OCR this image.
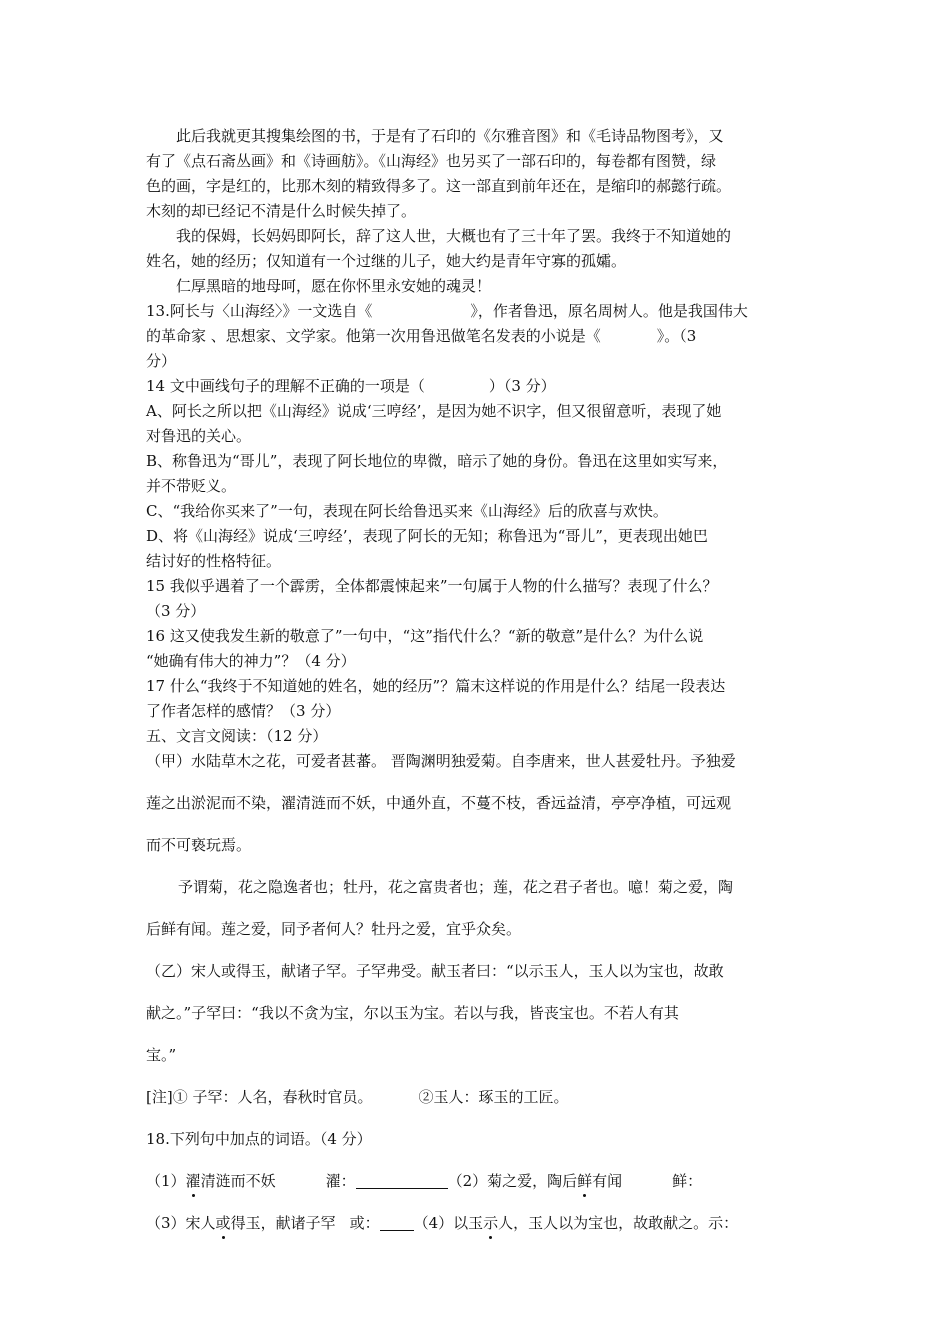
此后我就更其搜集绘图的书，于是有了石印的《尔雅音图》和《毛诗品物图考》，又
有了《点石斋丛画》和《诗画舫》。《山海经》也另买了一部石印的，每卷都有图赞，绿
色的画，字是红的，比那木刻的精致得多了。这一部直到前年还在，是缩印的郝懿行疏。
木刻的却已经记不清是什么时候失掉了。
我的保姆，长妈妈即阿长，辞了这人世，大概也有了三十年了罢。我终于不知道她的
姓名，她的经历；仅知道有一个过继的儿子，她大约是青年守寡的孤孀。
仁厚黑暗的地母呵，愿在你怀里永安她的魂灵！
13.阿长与〈山海经〉》一文选自《	》，作者鲁迅，原名周树人。他是我国伟大
的革命家 、思想家、文学家。他第一次用鲁迅做笔名发表的小说是《	》。（3
分）
14 文中画线句子的理解不正确的一项是（	）（3 分）
A、阿长之所以把《山海经》说成‘三哼经’，是因为她不识字，但又很留意听，表现了她
对鲁迅的关心。
B、称鲁迅为“哥儿”，表现了阿长地位的卑微，暗示了她的身份。鲁迅在这里如实写来，
并不带贬义。
C、“我给你买来了”一句，表现在阿长给鲁迅买来《山海经》后的欣喜与欢快。
D、将《山海经》说成‘三哼经’，表现了阿长的无知；称鲁迅为“哥儿”，更表现出她巴
结讨好的性格特征。
15 我似乎遇着了一个霹雳，全体都震悚起来”一句属于人物的什么描写？表现了什么？
（3 分）
16 这又使我发生新的敬意了”一句中，“这”指代什么？“新的敬意”是什么？为什么说
“她确有伟大的神力”？（4 分）
17 什么“我终于不知道她的姓名，她的经历”？篇末这样说的作用是什么？结尾一段表达
了作者怎样的感情？（3 分）
五、文言文阅读：（12 分）
（甲）水陆草木之花，可爱者甚蕃。 晋陶渊明独爱菊。自李唐来，世人甚爱牡丹。予独爱
莲之出淤泥而不染，濯清涟而不妖，中通外直，不蔓不枝，香远益清，亭亭净植，可远观
而不可亵玩焉。
予谓菊，花之隐逸者也；牡丹，花之富贵者也；莲，花之君子者也。噫！菊之爱，陶
后鲜有闻。莲之爱，同予者何人？牡丹之爱，宜乎众矣。
（乙）宋人或得玉，献诸子罕。子罕弗受。献玉者曰：“以示玉人，玉人以为宝也，故敢
献之。”子罕曰：“我以不贪为宝，尔以玉为宝。若以与我，皆丧宝也。不若人有其
宝。”
[注]① 子罕：人名，春秋时官员。	②玉人：琢玉的工匠。
18.下列句中加点的词语。（4 分）
（1）濯清涟而不妖	濯：	（2）菊之爱，陶后鲜有闻	鲜：
（3）宋人或得玉，献诸子罕 或： （4）以玉示人，玉人以为宝也，故敢献之。示：
